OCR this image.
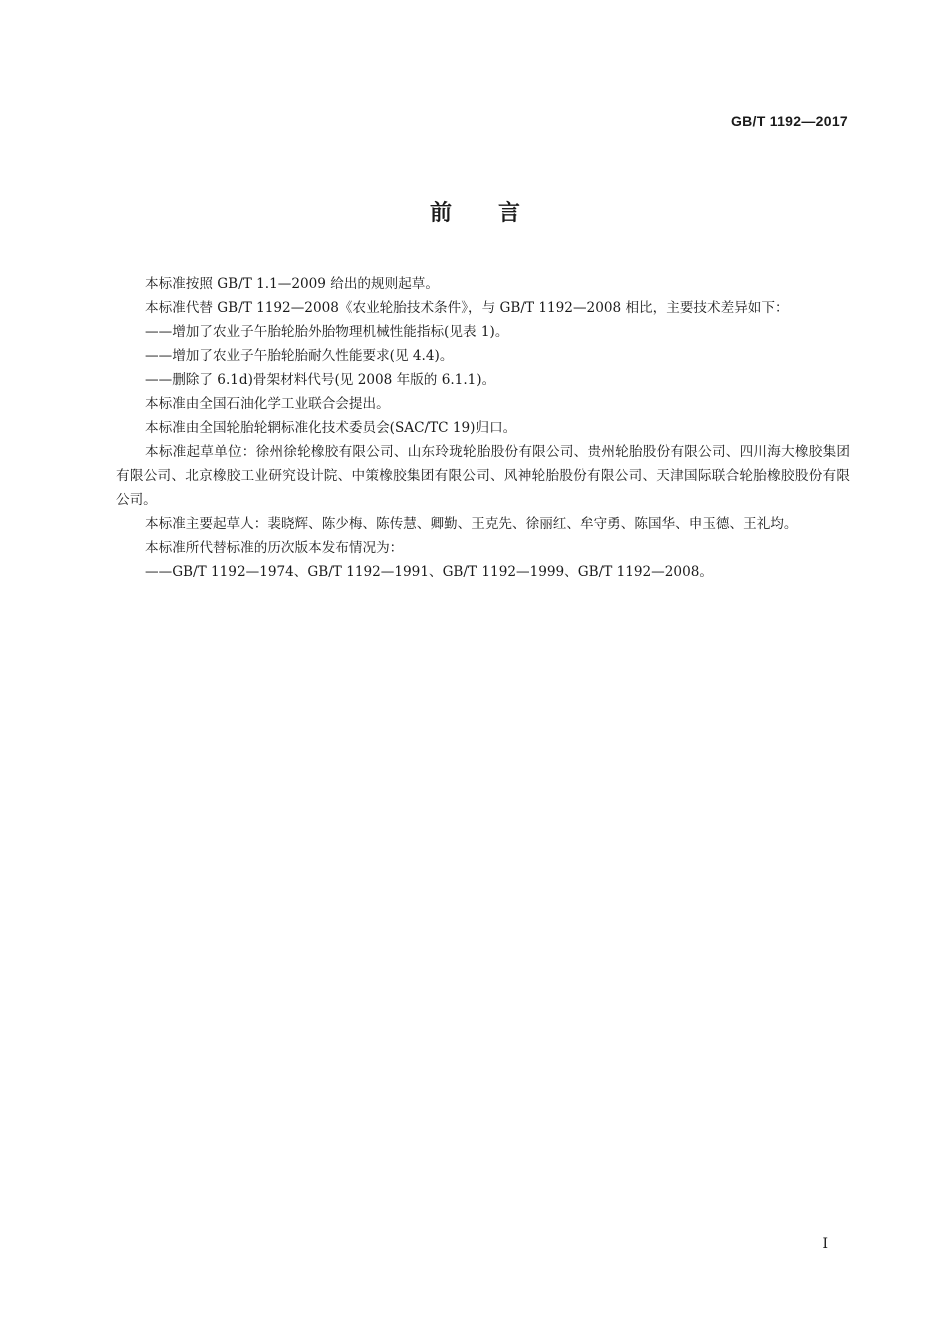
GB/T 1192—2017
前言

本标准按照 GB/T 1.1—2009 给出的规则起草。

本标准代替 GB/T 1192—2008《农业轮胎技术条件》，与 GB/T 1192—2008 相比，主要技术差异如下：

——增加了农业子午胎轮胎外胎物理机械性能指标(见表 1)。

——增加了农业子午胎轮胎耐久性能要求(见 4.4)。

——删除了 6.1d)骨架材料代号(见 2008 年版的 6.1.1)。

本标准由全国石油化学工业联合会提出。

本标准由全国轮胎轮辋标准化技术委员会(SAC/TC 19)归口。

本标准起草单位：徐州徐轮橡胶有限公司、山东玲珑轮胎股份有限公司、贵州轮胎股份有限公司、四川海大橡胶集团有限公司、北京橡胶工业研究设计院、中策橡胶集团有限公司、风神轮胎股份有限公司、天津国际联合轮胎橡胶股份有限公司。

本标准主要起草人：裴晓辉、陈少梅、陈传慧、卿勤、王克先、徐丽红、牟守勇、陈国华、申玉德、王礼均。

本标准所代替标准的历次版本发布情况为：

——GB/T 1192—1974、GB/T 1192—1991、GB/T 1192—1999、GB/T 1192—2008。

I
